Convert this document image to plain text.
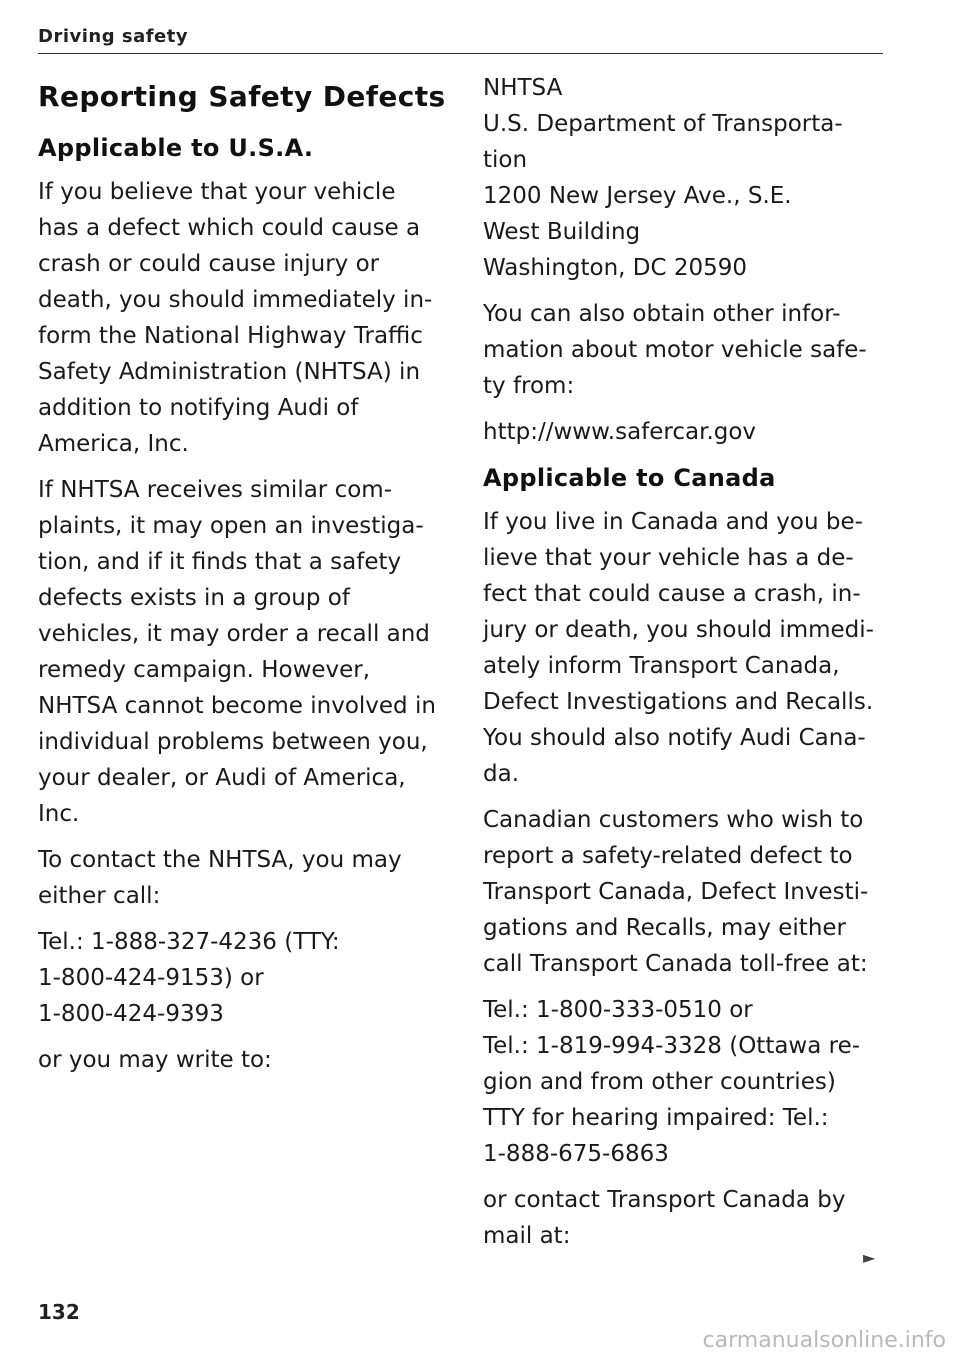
Driving safety
Reporting Safety Defects
Applicable to U.S.A.

If you believe that your vehicle
has a defect which could cause a
crash or could cause injury or
death, you should immediately in-
form the National Highway Traffic
Safety Administration (NHTSA) in
addition to notifying Audi of
America, Inc.

If NHTSA receives similar com-
plaints, it may open an investiga-
tion, and if it finds that a safety
defects exists in a group of
vehicles, it may order a recall and
remedy campaign. However,
NHTSA cannot become involved in
individual problems between you,
your dealer, or Audi of America,
Inc.

To contact the NHTSA, you may
either call:

Tel.: 1-888-327-4236 (TTY:
1-800-424-9153) or
1-800-424-9393

or you may write to:

NHTSA
U.S. Department of Transporta-
tion
1200 New Jersey Ave., S.E.
West Building
Washington, DC 20590

You can also obtain other infor-
mation about motor vehicle safe-
ty from:

http://www.safercar.gov

Applicable to Canada

If you live in Canada and you be-
lieve that your vehicle has a de-
fect that could cause a crash, in-
jury or death, you should immedi-
ately inform Transport Canada,
Defect Investigations and Recalls.
You should also notify Audi Cana-
da.

Canadian customers who wish to
report a safety-related defect to
Transport Canada, Defect Investi-
gations and Recalls, may either
call Transport Canada toll-free at:

Tel.: 1-800-333-0510 or
Tel.: 1-819-994-3328 (Ottawa re-
gion and from other countries)
TTY for hearing impaired: Tel.:
1-888-675-6863

or contact Transport Canada by
mail at:

►
132
carmanualsonline.info
